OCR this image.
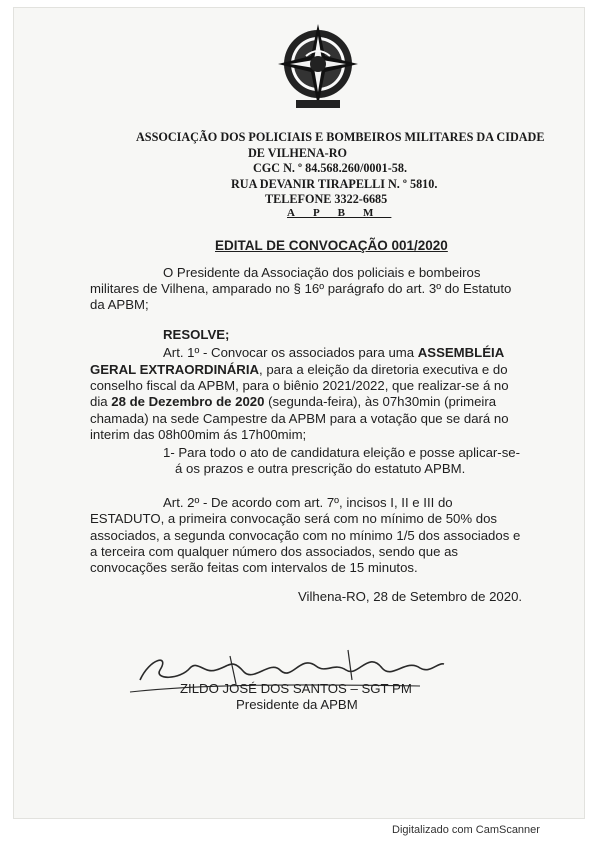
ASSOCIAÇÃO DOS POLICIAIS E BOMBEIROS MILITARES DA CIDADE
DE VILHENA-RO
CGC N. º 84.568.260/0001-58.
RUA DEVANIR TIRAPELLI N. º 5810.
TELEFONE 3322-6685
APBM
EDITAL DE CONVOCAÇÃO 001/2020
O Presidente da Associação dos policiais e bombeiros
militares de Vilhena, amparado no § 16º parágrafo do art. 3º do Estatuto
da APBM;
RESOLVE;
Art. 1º - Convocar os associados para uma ASSEMBLÉIA
GERAL EXTRAORDINÁRIA, para a eleição da diretoria executiva e do
conselho fiscal da APBM, para o biênio 2021/2022, que realizar-se á no
dia 28 de Dezembro de 2020 (segunda-feira), às 07h30min (primeira
chamada) na sede Campestre da APBM para a votação que se dará no
interim das 08h00mim ás 17h00mim;
1- Para todo o ato de candidatura eleição e posse aplicar-se-
á os prazos e outra prescrição do estatuto APBM.
Art. 2º - De acordo com art. 7º, incisos I, II e III do
ESTADUTO, a primeira convocação será com no mínimo de 50% dos
associados, a segunda convocação com no mínimo 1/5 dos associados e
a terceira com qualquer número dos associados, sendo que as
convocações serão feitas com intervalos de 15 minutos.
Vilhena-RO, 28 de Setembro de 2020.
ZILDO JOSÉ DOS SANTOS – SGT PM
Presidente da APBM
Digitalizado com CamScanner
